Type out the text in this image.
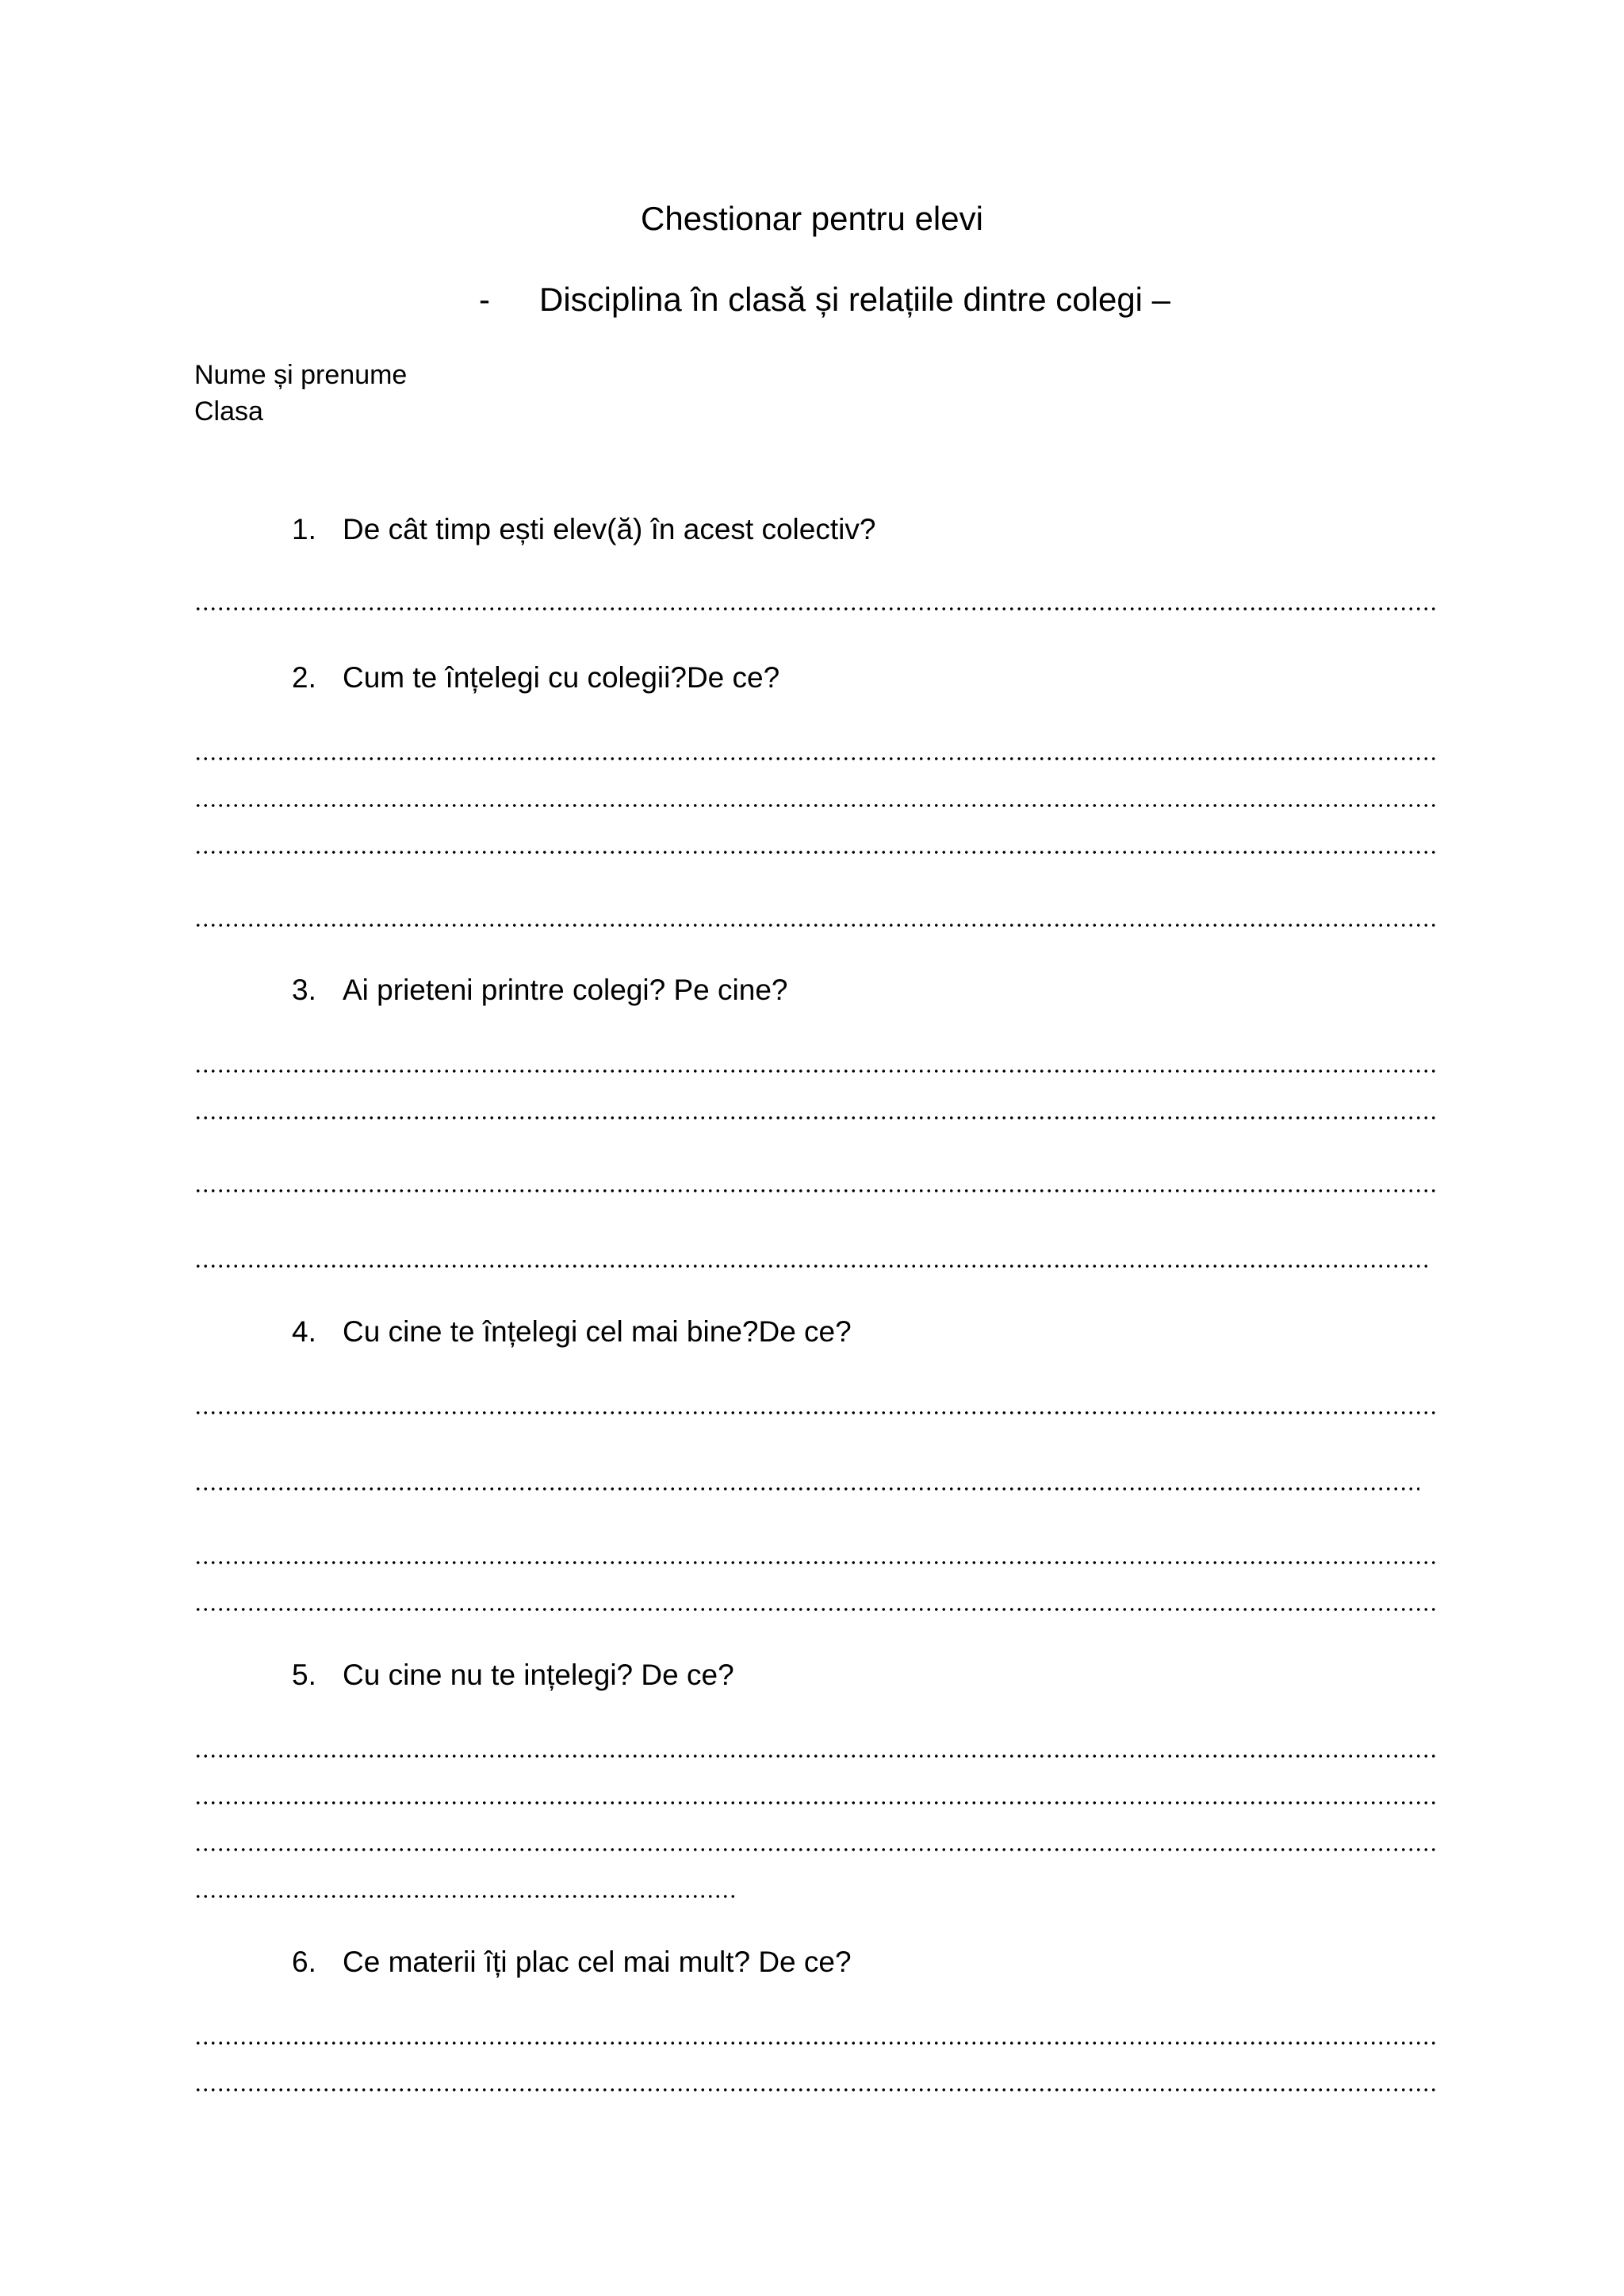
Chestionar pentru elevi
- Disciplina în clasă și relațiile dintre colegi –
Nume și prenume
Clasa
1. De cât timp ești elev(ă) în acest colectiv?
2. Cum te înțelegi cu colegii?De ce?
3. Ai prieteni printre colegi? Pe cine?
4. Cu cine te înțelegi cel mai bine?De ce?
5. Cu cine nu te ințelegi? De ce?
6. Ce materii îți plac cel mai mult? De ce?
